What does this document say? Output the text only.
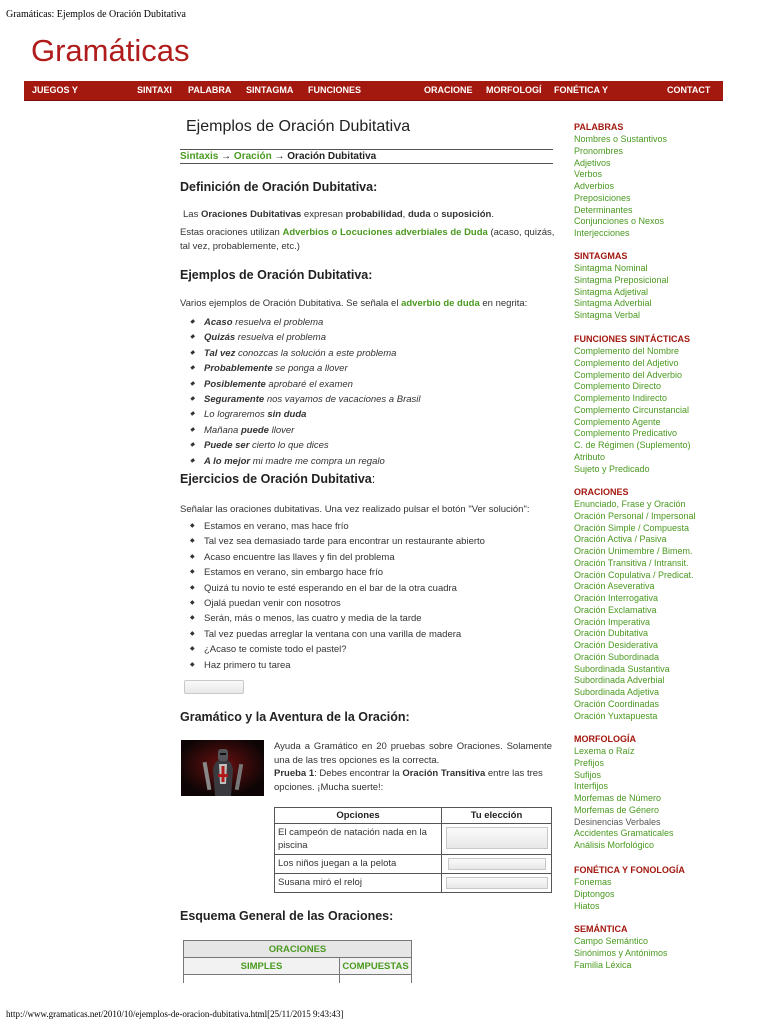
Gramáticas: Ejemplos de Oración Dubitativa
Gramáticas
JUEGOS Y	SINTAXI PALABRA SINTAGMA FUNCIONES	ORACIONE MORFOLOGÍ FONÉTICA Y	CONTACT
Ejemplos de Oración Dubitativa
Sintaxis → Oración → Oración Dubitativa
Definición de Oración Dubitativa:
Las Oraciones Dubitativas expresan probabilidad, duda o suposición.
Estas oraciones utilizan Adverbios o Locuciones adverbiales de Duda (acaso, quizás, tal vez, probablemente, etc.)
Ejemplos de Oración Dubitativa:
Varios ejemplos de Oración Dubitativa. Se señala el adverbio de duda en negrita:
◆ Acaso resuelva el problema
◆ Quizás resuelva el problema
◆ Tal vez conozcas la solución a este problema
◆ Probablemente se ponga a llover
◆ Posiblemente aprobaré el examen
◆ Seguramente nos vayamos de vacaciones a Brasil
◆ Lo lograremos sin duda
◆ Mañana puede llover
◆ Puede ser cierto lo que dices
◆ A lo mejor mi madre me compra un regalo
Ejercicios de Oración Dubitativa:
Señalar las oraciones dubitativas. Una vez realizado pulsar el botón "Ver solución":
◆ Estamos en verano, mas hace frío
◆ Tal vez sea demasiado tarde para encontrar un restaurante abierto
◆ Acaso encuentre las llaves y fin del problema
◆ Estamos en verano, sin embargo hace frío
◆ Quizá tu novio te esté esperando en el bar de la otra cuadra
◆ Ojalá puedan venir con nosotros
◆ Serán, más o menos, las cuatro y media de la tarde
◆ Tal vez puedas arreglar la ventana con una varilla de madera
◆ ¿Acaso te comiste todo el pastel?
◆ Haz primero tu tarea
Gramático y la Aventura de la Oración:
Ayuda a Gramático en 20 pruebas sobre Oraciones. Solamente una de las tres opciones es la correcta.
Prueba 1: Debes encontrar la Oración Transitiva entre las tres opciones. ¡Mucha suerte!:
Opciones	Tu elección
El campeón de natación nada en la piscina	

Los niños juegan a la pelota	

Susana miró el reloj	
Esquema General de las Oraciones:
ORACIONES	
SIMPLES	COMPUESTAS

PALABRAS
Nombres o Sustantivos
Pronombres
Adjetivos
Verbos
Adverbios
Preposiciones
Determinantes
Conjunciones o Nexos
Interjecciones
SINTAGMAS
Sintagma Nominal
Sintagma Preposicional
Sintagma Adjetival
Sintagma Adverbial
Sintagma Verbal
FUNCIONES SINTÁCTICAS
Complemento del Nombre
Complemento del Adjetivo
Complemento del Adverbio
Complemento Directo
Complemento Indirecto
Complemento Circunstancial
Complemento Agente
Complemento Predicativo
C. de Régimen (Suplemento)
Atributo
Sujeto y Predicado
ORACIONES
Enunciado, Frase y Oración
Oración Personal / Impersonal
Oración Simple / Compuesta
Oración Activa / Pasiva
Oración Unimembre / Bimem.
Oración Transitiva / Intransit.
Oración Copulativa / Predicat.
Oración Aseverativa
Oración Interrogativa
Oración Exclamativa
Oración Imperativa
Oración Dubitativa
Oración Desiderativa
Oración Subordinada
Subordinada Sustantiva
Subordinada Adverbial
Subordinada Adjetiva
Oración Coordinadas
Oración Yuxtapuesta
MORFOLOGÍA
Lexema o Raíz
Prefijos
Sufijos
Interfijos
Morfemas de Número
Morfemas de Género
Desinencias Verbales
Accidentes Gramaticales
Análisis Morfológico
FONÉTICA Y FONOLOGÍA
Fonemas
Diptongos
Hiatos
SEMÁNTICA
Campo Semántico
Sinónimos y Antónimos
Familia Léxica
http://www.gramaticas.net/2010/10/ejemplos-de-oracion-dubitativa.html[25/11/2015 9:43:43]
